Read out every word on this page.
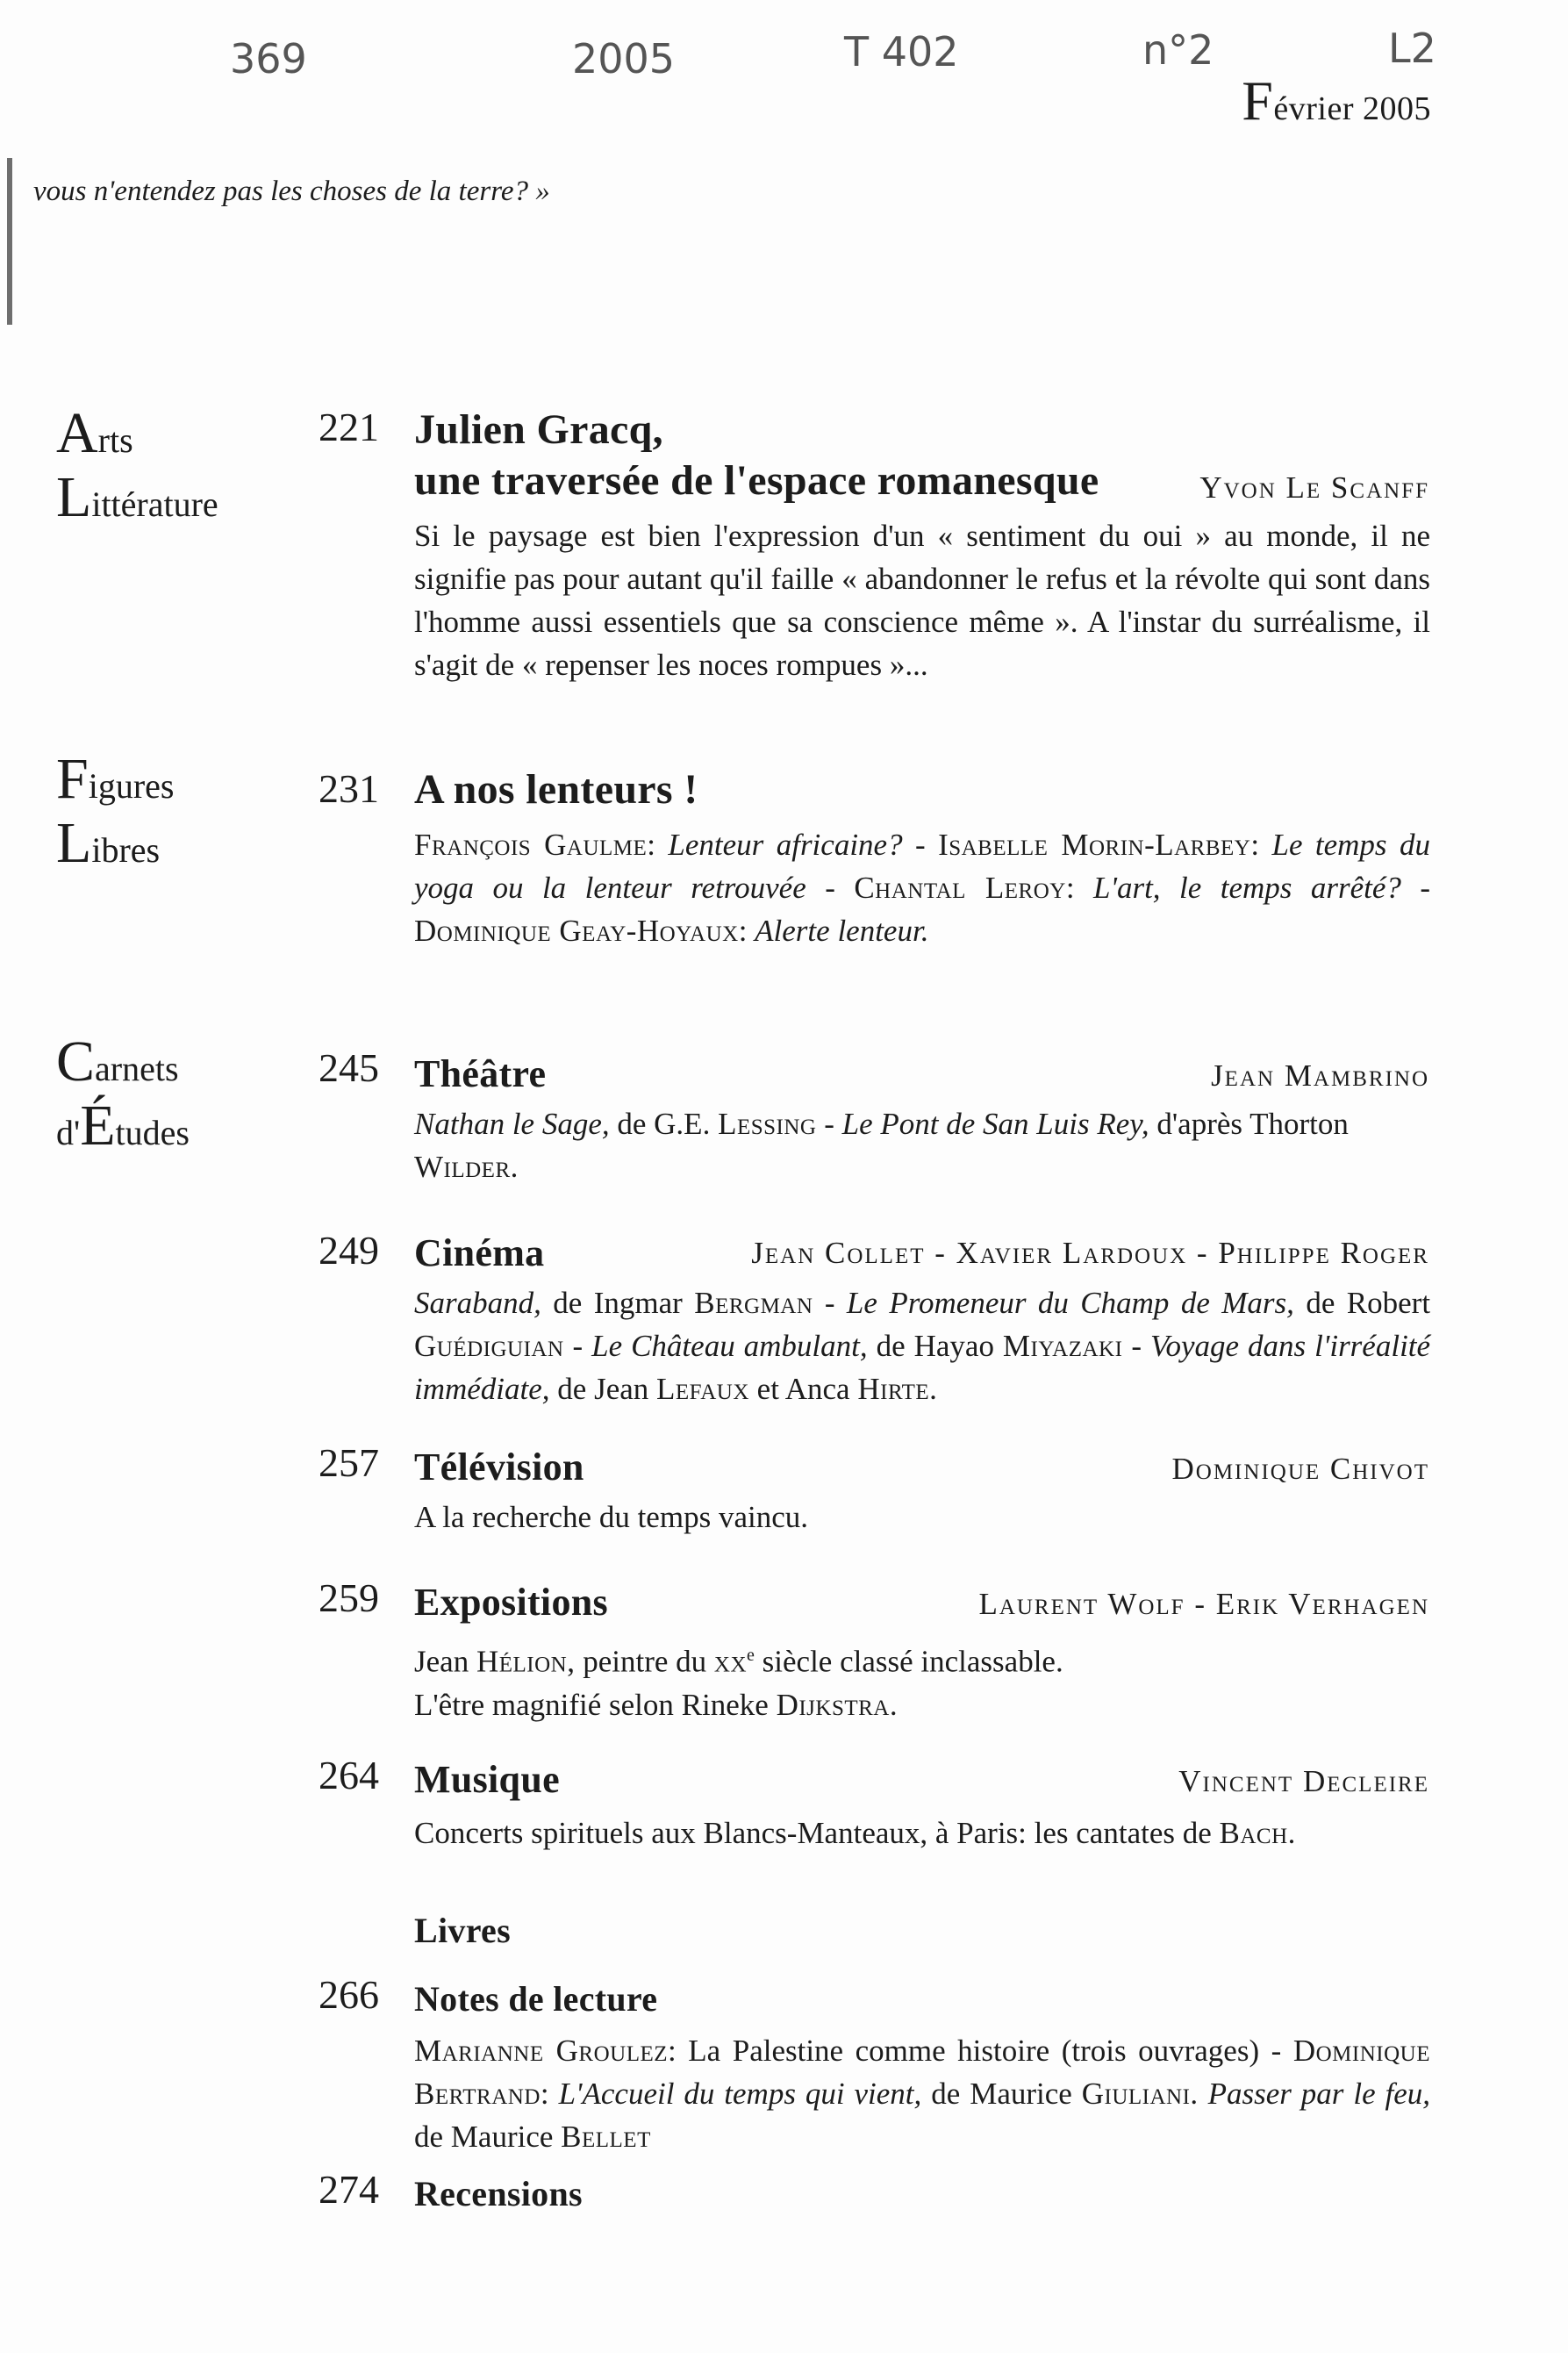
369	2005	T 402	n°2	L2
Février 2005
vous n'entendez pas les choses de la terre? »
Arts
Littérature
Figures
Libres
Carnets
d'Études
221 Julien Gracq,
une traversée de l'espace romanesque	Yvon Le Scanff
Si le paysage est bien l'expression d'un « sentiment du oui » au monde, il ne signifie pas pour autant qu'il faille « abandonner le refus et la révolte qui sont dans l'homme aussi essentiels que sa conscience même ». A l'instar du surréalisme, il s'agit de « repenser les noces rompues »...
231 A nos lenteurs !
François Gaulme: Lenteur africaine? - Isabelle Morin-Larbey: Le temps du yoga ou la lenteur retrouvée - Chantal Leroy: L'art, le temps arrêté? - Dominique Geay-Hoyaux: Alerte lenteur.
245 Théâtre	Jean Mambrino
Nathan le Sage, de G.E. Lessing - Le Pont de San Luis Rey, d'après Thorton Wilder.
249 Cinéma	Jean Collet - Xavier Lardoux - Philippe Roger
Saraband, de Ingmar Bergman - Le Promeneur du Champ de Mars, de Robert Guédiguian - Le Château ambulant, de Hayao Miyazaki - Voyage dans l'irréalité immédiate, de Jean Lefaux et Anca Hirte.
257 Télévision	Dominique Chivot
A la recherche du temps vaincu.
259 Expositions	Laurent Wolf - Erik Verhagen
Jean Hélion, peintre du $xx^e$ siècle classé inclassable.
L'être magnifié selon Rineke Dijkstra.
264 Musique	Vincent Decleire
Concerts spirituels aux Blancs-Manteaux, à Paris: les cantates de Bach.
Livres
266	Notes de lecture
Marianne Groulez: La Palestine comme histoire (trois ouvrages) - Dominique Bertrand: L'Accueil du temps qui vient, de Maurice Giuliani. Passer par le feu, de Maurice Bellet
274	Recensions
